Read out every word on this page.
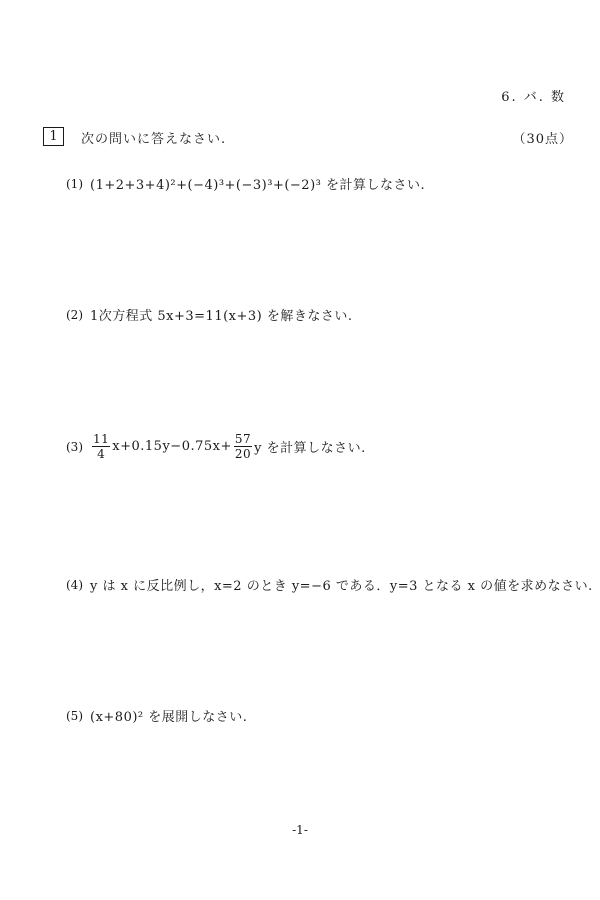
6. バ. 数
1	次の問いに答えなさい.	（30点）
(1) (1+2+3+4)²+(−4)³+(−3)³+(−2)³ を計算しなさい.
(2) 1次方程式 5x+3=11(x+3) を解きなさい.
$(3) \frac{11}{4} x+0.15y-0.75x+ \frac{57}{20}$ y を計算しなさい.
(4) y は x に反比例し，x=2 のとき y=−6 である．y=3 となる x の値を求めなさい.
(5) (x+80)² を展開しなさい.
-1-
